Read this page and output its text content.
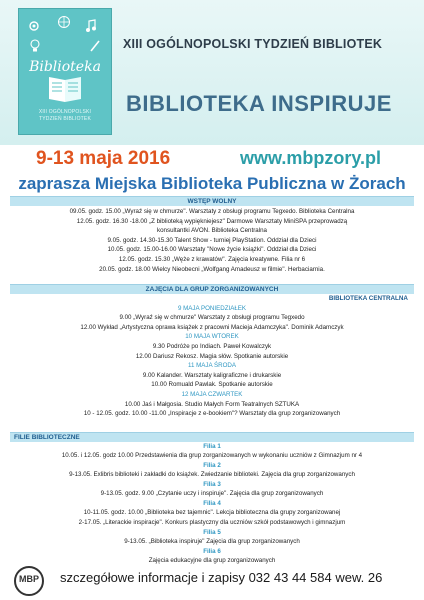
Biblioteka
XIII OGÓLNOPOLSKI
TYDZIEŃ BIBLIOTEK
XIII OGÓLNOPOLSKI TYDZIEŃ BIBLIOTEK
BIBLIOTEKA INSPIRUJE
9-13 maja 2016	www.mbpzory.pl
zaprasza Miejska Biblioteka Publiczna w Żorach
WSTĘP WOLNY
09.05. godz. 15.00 „Wyraź się w chmurze". Warsztaty z obsługi programu Tegxedo. Biblioteka Centralna
12.05. godz. 16.30 -18.00 „Z biblioteką wypiękniejesz" Darmowe Warsztaty MiniSPA przeprowadzą
konsultantki AVON. Biblioteka Centralna
9.05. godz. 14.30-15.30 Talent Show - turniej PlayStation. Oddział dla Dzieci
10.05. godz. 15.00-16.00 Warsztaty "Nowe życie książki". Oddział dla Dzieci
12.05. godz. 15.30 „Węże z krawatów". Zajęcia kreatywne. Filia nr 6
20.05. godz. 18.00 Wielcy Nieobecni „Wolfgang Amadeusz w filmie". Herbaciarnia.
ZAJĘCIA DLA GRUP ZORGANIZOWANYCH
BIBLIOTEKA CENTRALNA
9 MAJA PONIEDZIAŁEK
9.00 „Wyraź się w chmurze" Warsztaty z obsługi programu Tegxedo
12.00 Wykład „Artystyczna oprawa książek z pracowni Macieja Adamczyka". Dominik Adamczyk
10 MAJA WTOREK
9.30 Podróże po Indiach. Paweł Kowalczyk
12.00 Dariusz Rekosz. Magia słów. Spotkanie autorskie
11 MAJA ŚRODA
9.00 Kalander. Warsztaty kaligraficzne i drukarskie
10.00 Romuald Pawlak. Spotkanie autorskie
12 MAJA CZWARTEK
10.00 Jaś i Małgosia. Studio Małych Form Teatralnych SZTUKA
10 - 12.05. godz. 10.00 -11.00 „Inspiracje z e-bookiem"? Warsztaty dla grup zorganizowanych
FILIE BIBLIOTECZNE
Filia 1
10.05. i 12.05. godz 10.00 Przedstawienia dla grup zorganizowanych w wykonaniu uczniów z Gimnazjum nr 4
Filia 2
9-13.05. Exlibris biblioteki i zakładki do książek. Zwiedzanie biblioteki. Zajęcia dla grup zorganizowanych
Filia 3
9-13.05. godz. 9.00 „Czytanie uczy i inspiruje". Zajęcia dla grup zorganizowanych
Filia 4
10-11.05. godz. 10.00 „Biblioteka bez tajemnic". Lekcja biblioteczna dla grupy zorganizowanej
2-17.05. „Literackie inspiracje". Konkurs plastyczny dla uczniów szkół podstawowych i gimnazjum
Filia 5
9-13.05. „Biblioteka inspiruje" Zajęcia dla grup zorganizowanych
Filia 6
Zajęcia edukacyjne dla grup zorganizowanych
MBP szczegółowe informacje i zapisy 032 43 44 584 wew. 26
